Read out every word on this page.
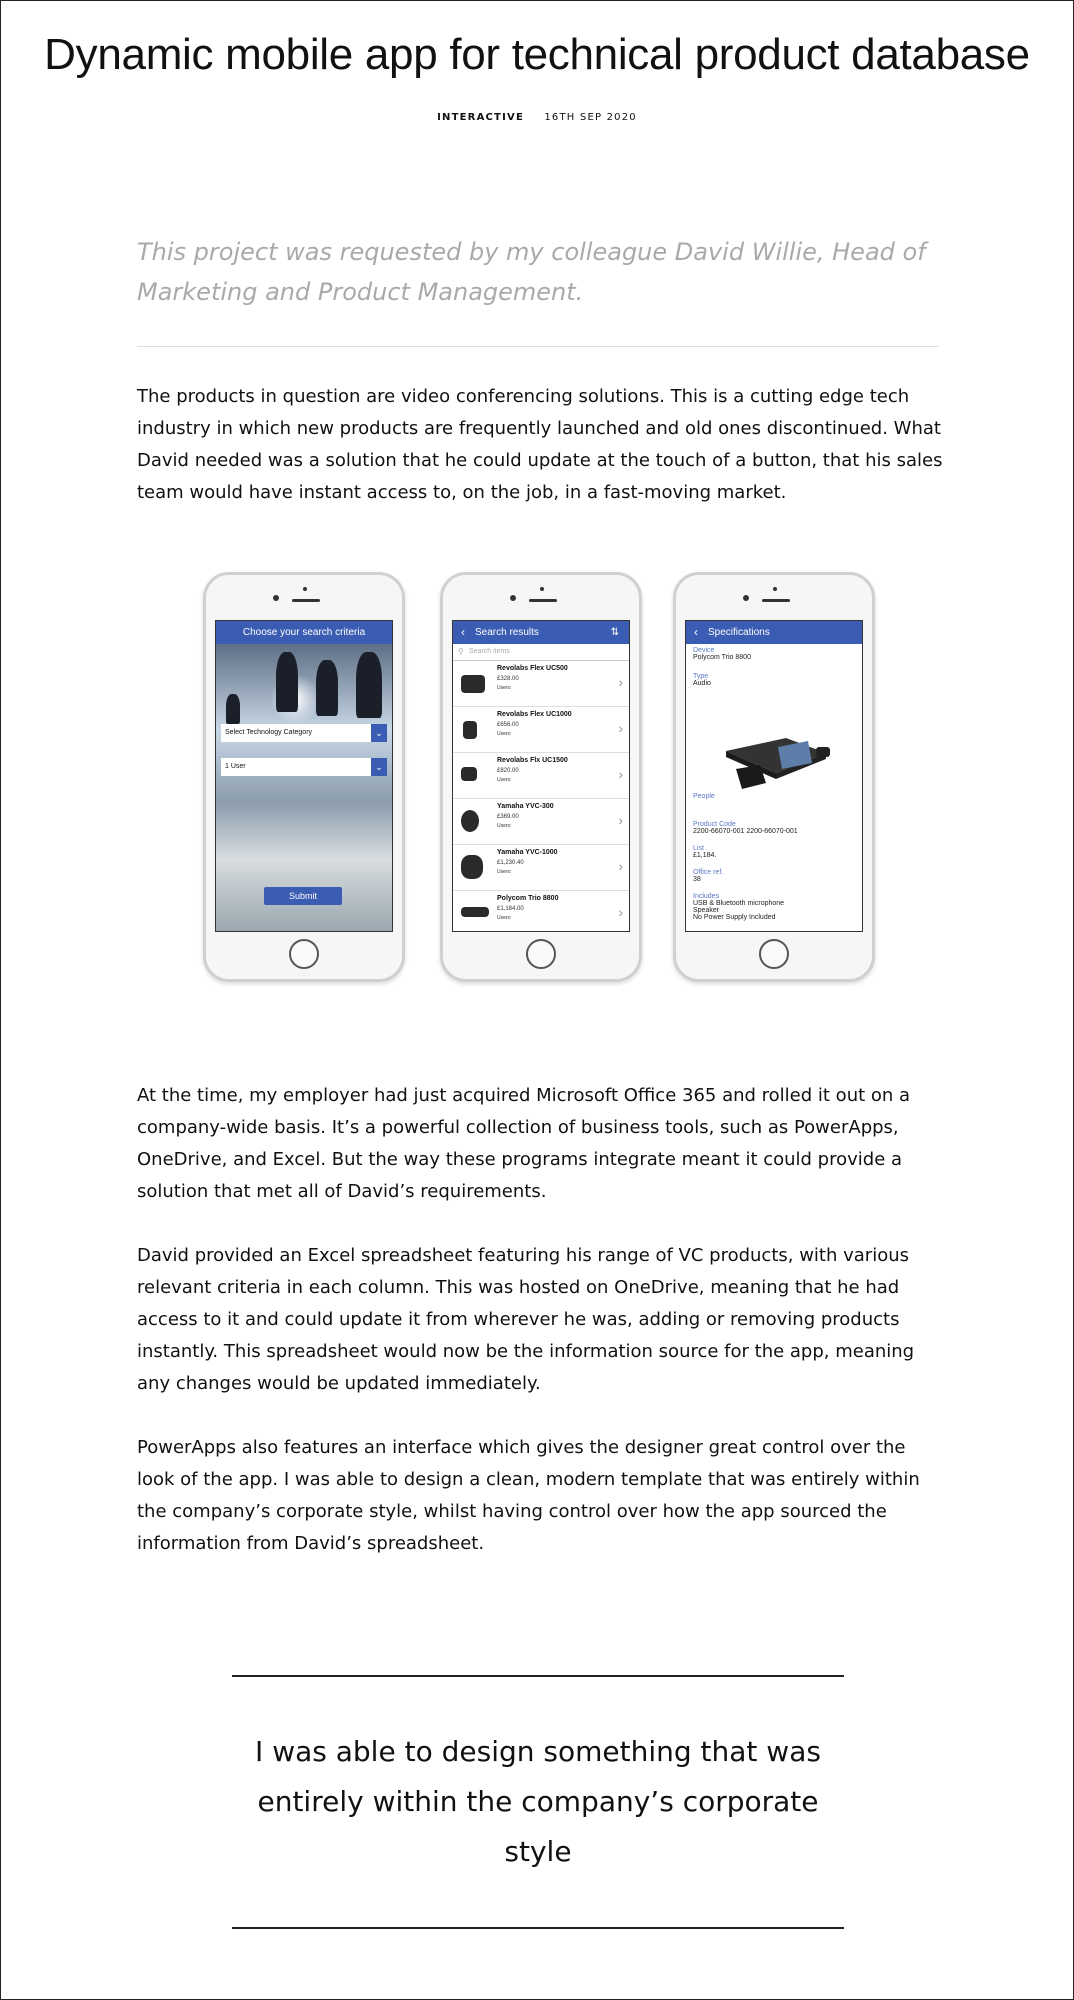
Dynamic mobile app for technical product database
INTERACTIVE 16TH SEP 2020
This project was requested by my colleague David Willie, Head of Marketing and Product Management.
The products in question are video conferencing solutions. This is a cutting edge tech industry in which new products are frequently launched and old ones discontinued. What David needed was a solution that he could update at the touch of a button, that his sales team would have instant access to, on the job, in a fast-moving market.
Choose your search criteria
Select Technology Category	⌄
1 User	⌄
Submit
‹ Search results	⇅
⚲ Search items
Revolabs Flex UC500
£328.00
Users:	›
Revolabs Flex UC1000
£656.00
Users:	›
Revolabs Flx UC1500
£820.00
Users:	›
Yamaha YVC-300
£369.00
Users:	›
Yamaha YVC-1000
£1,230.40
Users:	›
Polycom Trio 8800
£1,184.00
Users:	›
‹ Specifications
Device
Polycom Trio 8800
Type
Audio
People
Product Code
2200-66070-001 2200-66070-001
List
£1,184.
Office ref.
38
Includes
USB & Bluetooth microphone
Speaker
No Power Supply Included
At the time, my employer had just acquired Microsoft Office 365 and rolled it out on a company-wide basis. It’s a powerful collection of business tools, such as PowerApps, OneDrive, and Excel. But the way these programs integrate meant it could provide a solution that met all of David’s requirements.
David provided an Excel spreadsheet featuring his range of VC products, with various relevant criteria in each column. This was hosted on OneDrive, meaning that he had access to it and could update it from wherever he was, adding or removing products instantly. This spreadsheet would now be the information source for the app, meaning any changes would be updated immediately.
PowerApps also features an interface which gives the designer great control over the look of the app. I was able to design a clean, modern template that was entirely within the company’s corporate style, whilst having control over how the app sourced the information from David’s spreadsheet.
I was able to design something that was entirely within the company’s corporate style
